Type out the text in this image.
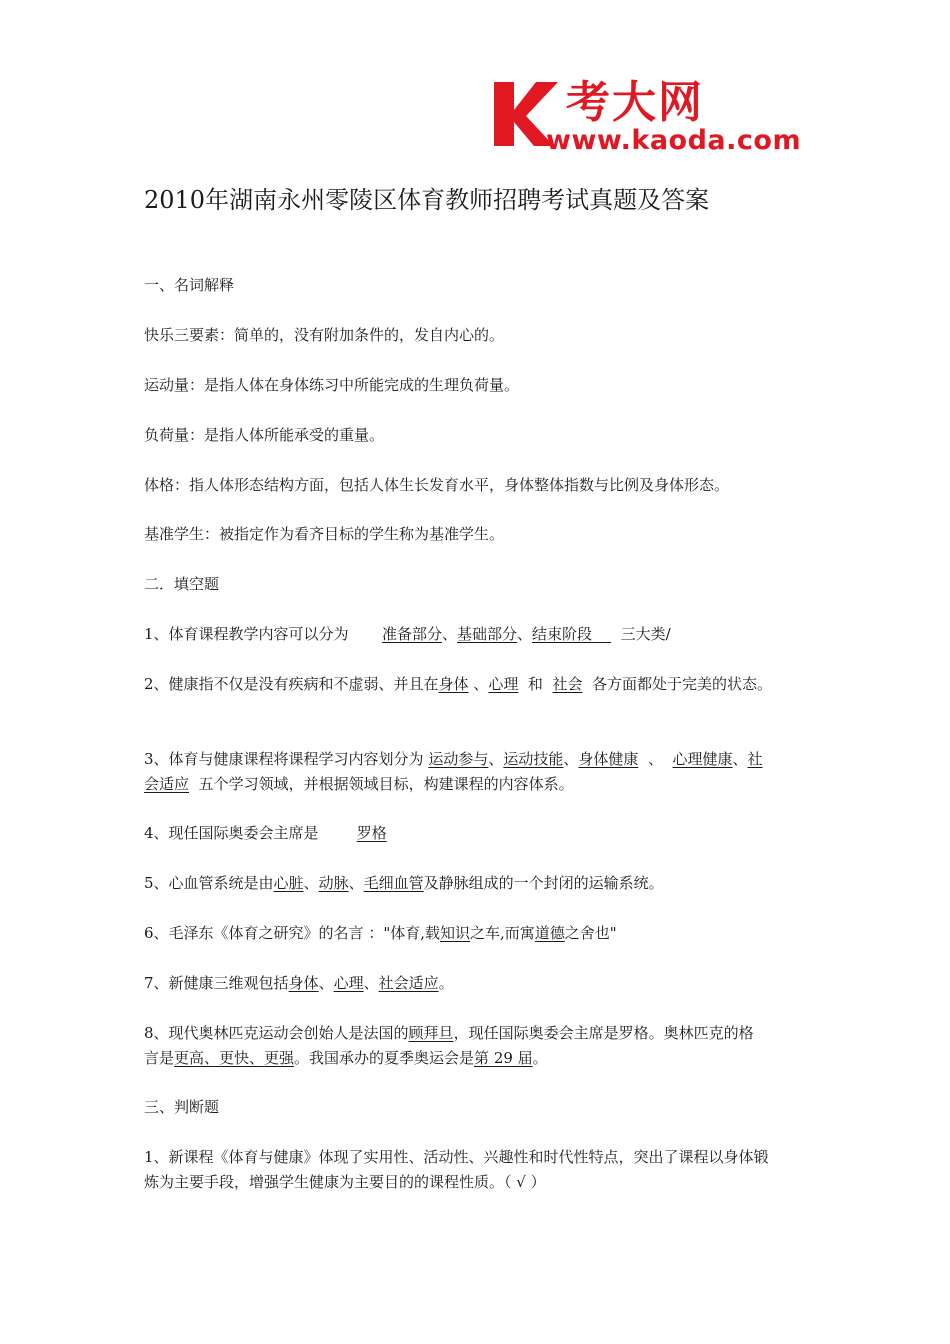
考大网
www.kaoda.com
2010年湖南永州零陵区体育教师招聘考试真题及答案

一、名词解释

快乐三要素：简单的，没有附加条件的，发自内心的。

运动量：是指人体在身体练习中所能完成的生理负荷量。

负荷量：是指人体所能承受的重量。

体格：指人体形态结构方面，包括人体生长发育水平，身体整体指数与比例及身体形态。

基准学生：被指定作为看齐目标的学生称为基准学生。

二．填空题

1、体育课程教学内容可以分为 准备部分、基础部分、结束阶段 三大类/

2、健康指不仅是没有疾病和不虚弱、并且在身体 、心理 和 社会 各方面都处于完美的状态。

3、体育与健康课程将课程学习内容划分为 运动参与、运动技能、身体健康 、 心理健康、社
会适应 五个学习领域，并根据领域目标，构建课程的内容体系。

4、现任国际奥委会主席是	罗格

5、心血管系统是由心脏、动脉、毛细血管及静脉组成的一个封闭的运输系统。

6、毛泽东《体育之研究》的名言 ："体育,载知识之车,而寓道德之舍也"

7、新健康三维观包括身体、心理、社会适应。

8、现代奥林匹克运动会创始人是法国的顾拜旦，现任国际奥委会主席是罗格。奥林匹克的格
言是更高、更快、更强。我国承办的夏季奥运会是第 29 届。

三、判断题

1、新课程《体育与健康》体现了实用性、活动性、兴趣性和时代性特点，突出了课程以身体锻
炼为主要手段，增强学生健康为主要目的的课程性质。（ √ ）
